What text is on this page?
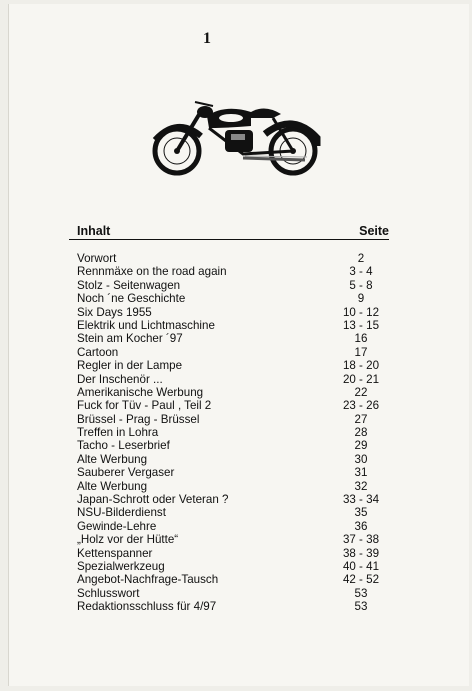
1
Inhalt	Seite
Vorwort	2
Rennmäxe on the road again	3 - 4
Stolz - Seitenwagen	5 - 8
Noch ´ne Geschichte	9
Six Days 1955	10 - 12
Elektrik und Lichtmaschine	13 - 15
Stein am Kocher ´97	16
Cartoon	17
Regler in der Lampe	18 - 20
Der Inschenör ...	20 - 21
Amerikanische Werbung	22
Fuck for Tüv - Paul , Teil 2	23 - 26
Brüssel - Prag - Brüssel	27
Treffen in Lohra	28
Tacho - Leserbrief	29
Alte Werbung	30
Sauberer Vergaser	31
Alte Werbung	32
Japan-Schrott oder Veteran ?	33 - 34
NSU-Bilderdienst	35
Gewinde-Lehre	36
„Holz vor der Hütte“	37 - 38
Kettenspanner	38 - 39
Spezialwerkzeug	40 - 41
Angebot-Nachfrage-Tausch	42 - 52
Schlusswort	53
Redaktionsschluss für 4/97	53
